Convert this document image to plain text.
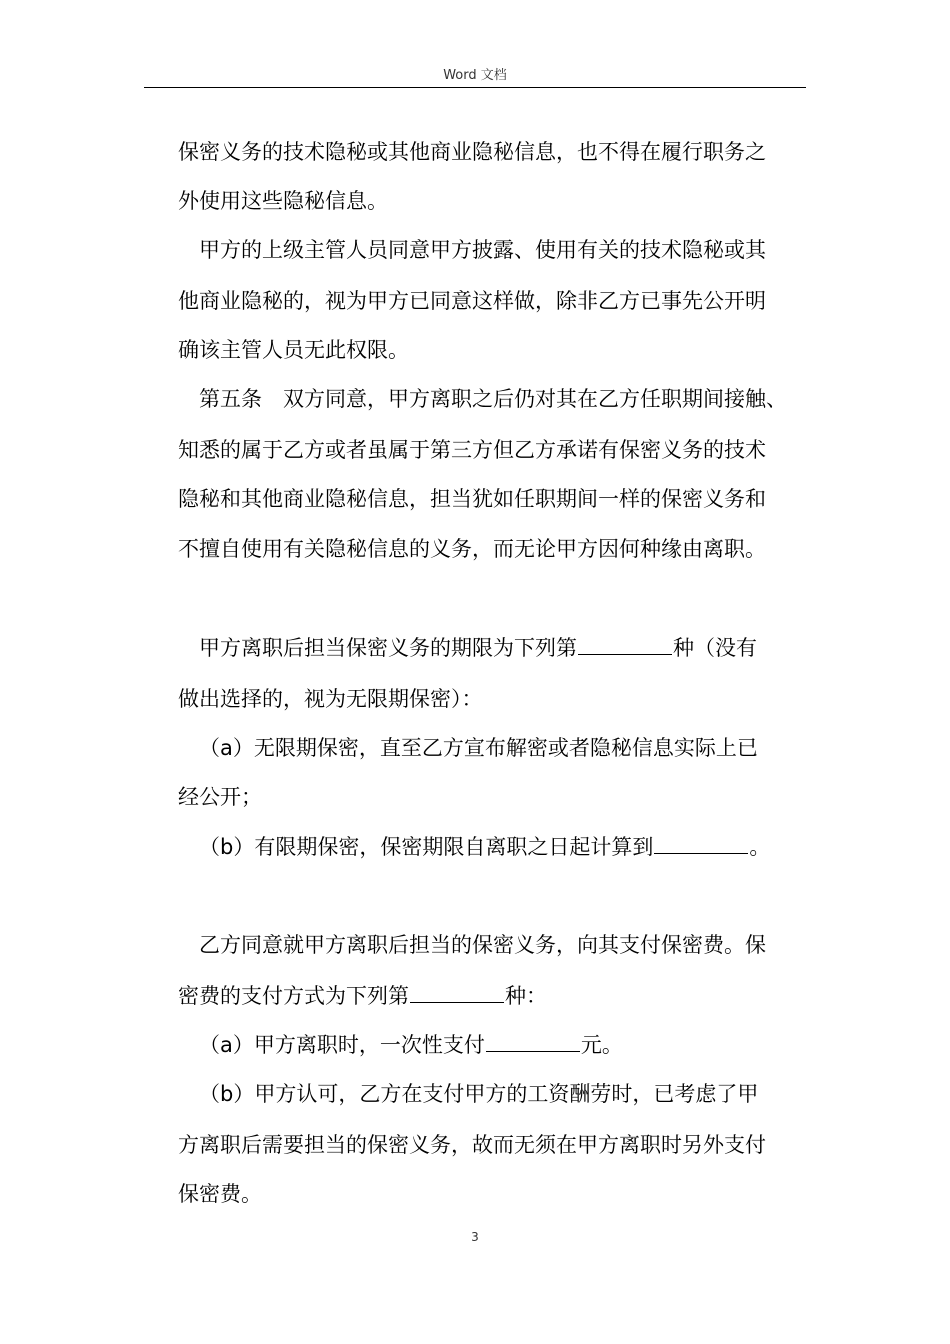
Word 文档
保密义务的技术隐秘或其他商业隐秘信息，也不得在履行职务之
外使用这些隐秘信息。
甲方的上级主管人员同意甲方披露、使用有关的技术隐秘或其
他商业隐秘的，视为甲方已同意这样做，除非乙方已事先公开明
确该主管人员无此权限。
第五条　双方同意，甲方离职之后仍对其在乙方任职期间接触、
知悉的属于乙方或者虽属于第三方但乙方承诺有保密义务的技术
隐秘和其他商业隐秘信息，担当犹如任职期间一样的保密义务和
不擅自使用有关隐秘信息的义务，而无论甲方因何种缘由离职。
甲方离职后担当保密义务的期限为下列第	种（没有
做出选择的，视为无限期保密）：
（a）无限期保密，直至乙方宣布解密或者隐秘信息实际上已
经公开；
（b）有限期保密，保密期限自离职之日起计算到	。
乙方同意就甲方离职后担当的保密义务，向其支付保密费。保
密费的支付方式为下列第	种：
（a）甲方离职时，一次性支付	元。
（b）甲方认可，乙方在支付甲方的工资酬劳时，已考虑了甲
方离职后需要担当的保密义务，故而无须在甲方离职时另外支付
保密费。
3
